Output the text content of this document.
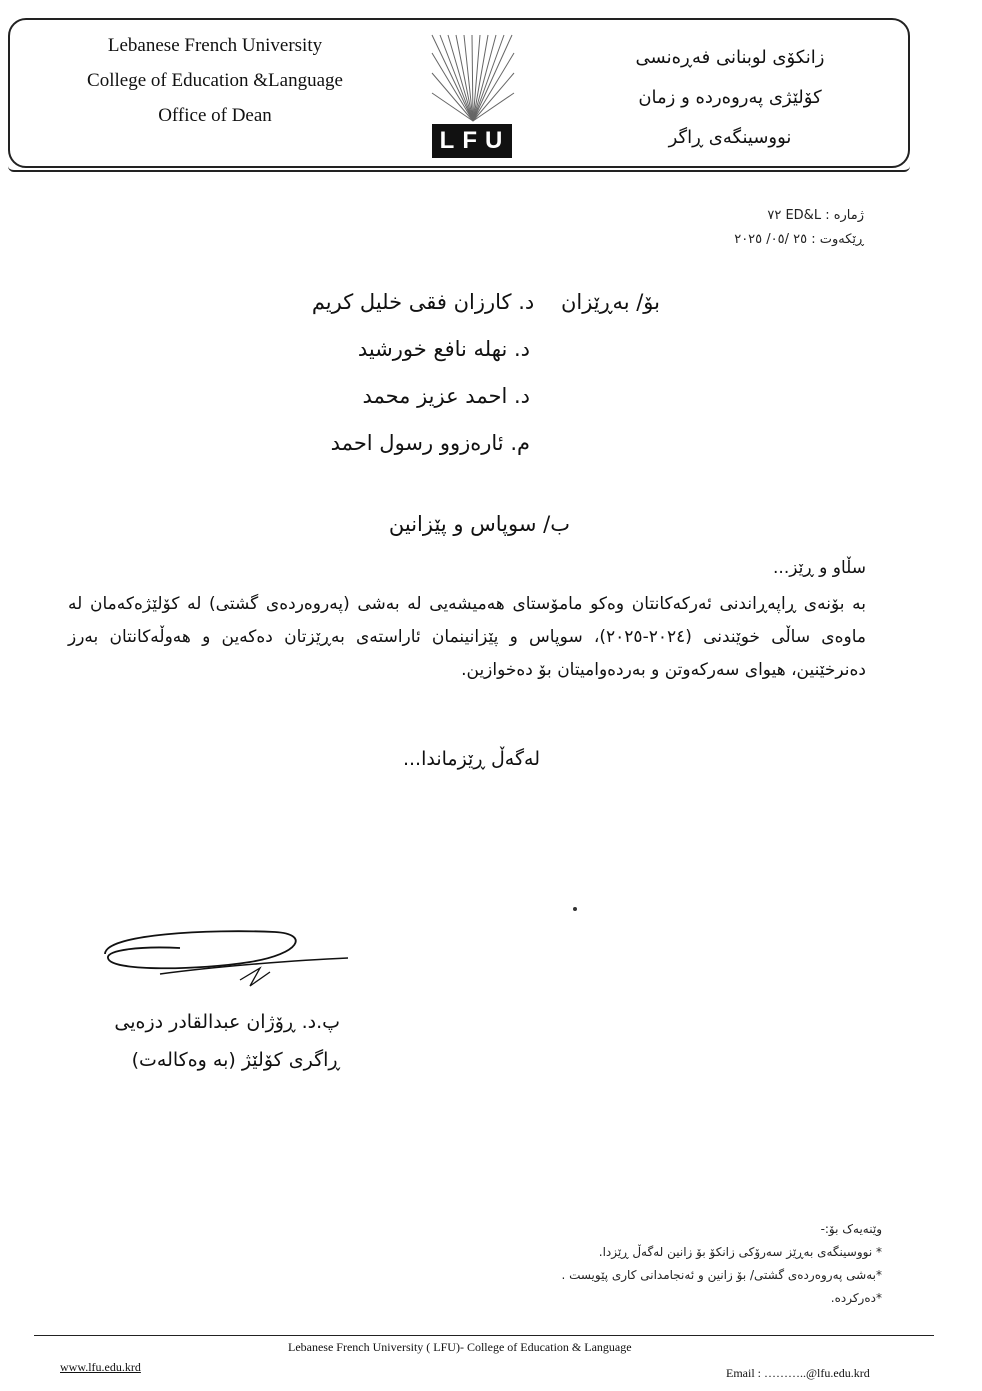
Lebanese French University
College of Education &Language
Office of Dean
LFU
زانکۆی لوبنانی فەڕەنسی
کۆلێژی پەروەردە و زمان
نووسینگەی ڕاگر
ژمارە : ED&L ٧٢
ڕێکەوت : ٢٥ /٠٥/ ٢٠٢٥
بۆ/ بەڕێزان د. کارزان فقی خلیل کریم
د. نهله نافع خورشید
د. احمد عزیز محمد
م. ئارەزوو رسول احمد
ب/ سوپاس و پێزانین
سڵاو و ڕێز...
بە بۆنەی ڕاپەڕاندنی ئەرکەکانتان وەکو مامۆستای هەمیشەیی لە بەشی (پەروەردەی گشتی) لە کۆلێژەکەمان لە ماوەی ساڵی خوێندنی (٢٠٢٤-٢٠٢٥)، سوپاس و پێزانینمان ئاراستەی بەڕێزتان دەکەین و هەوڵەکانتان بەرز دەنرخێنین، هیوای سەرکەوتن و بەردەوامیتان بۆ دەخوازین.
لەگەڵ ڕێزماندا...
پ.د. ڕۆژان عبدالقادر دزەیی
ڕاگری کۆلێژ (بە وەکالەت)
وێنەیەک بۆ:-
* نووسینگەی بەڕێز سەرۆکی زانکۆ بۆ زانین لەگەڵ ڕێزدا.
*بەشی پەروەردەی گشتی/ بۆ زانین و ئەنجامدانی کاری پێویست .
*دەرکردە.
Lebanese French University ( LFU)- College of Education & Language
www.lfu.edu.krd	Email : ………..@lfu.edu.krd
